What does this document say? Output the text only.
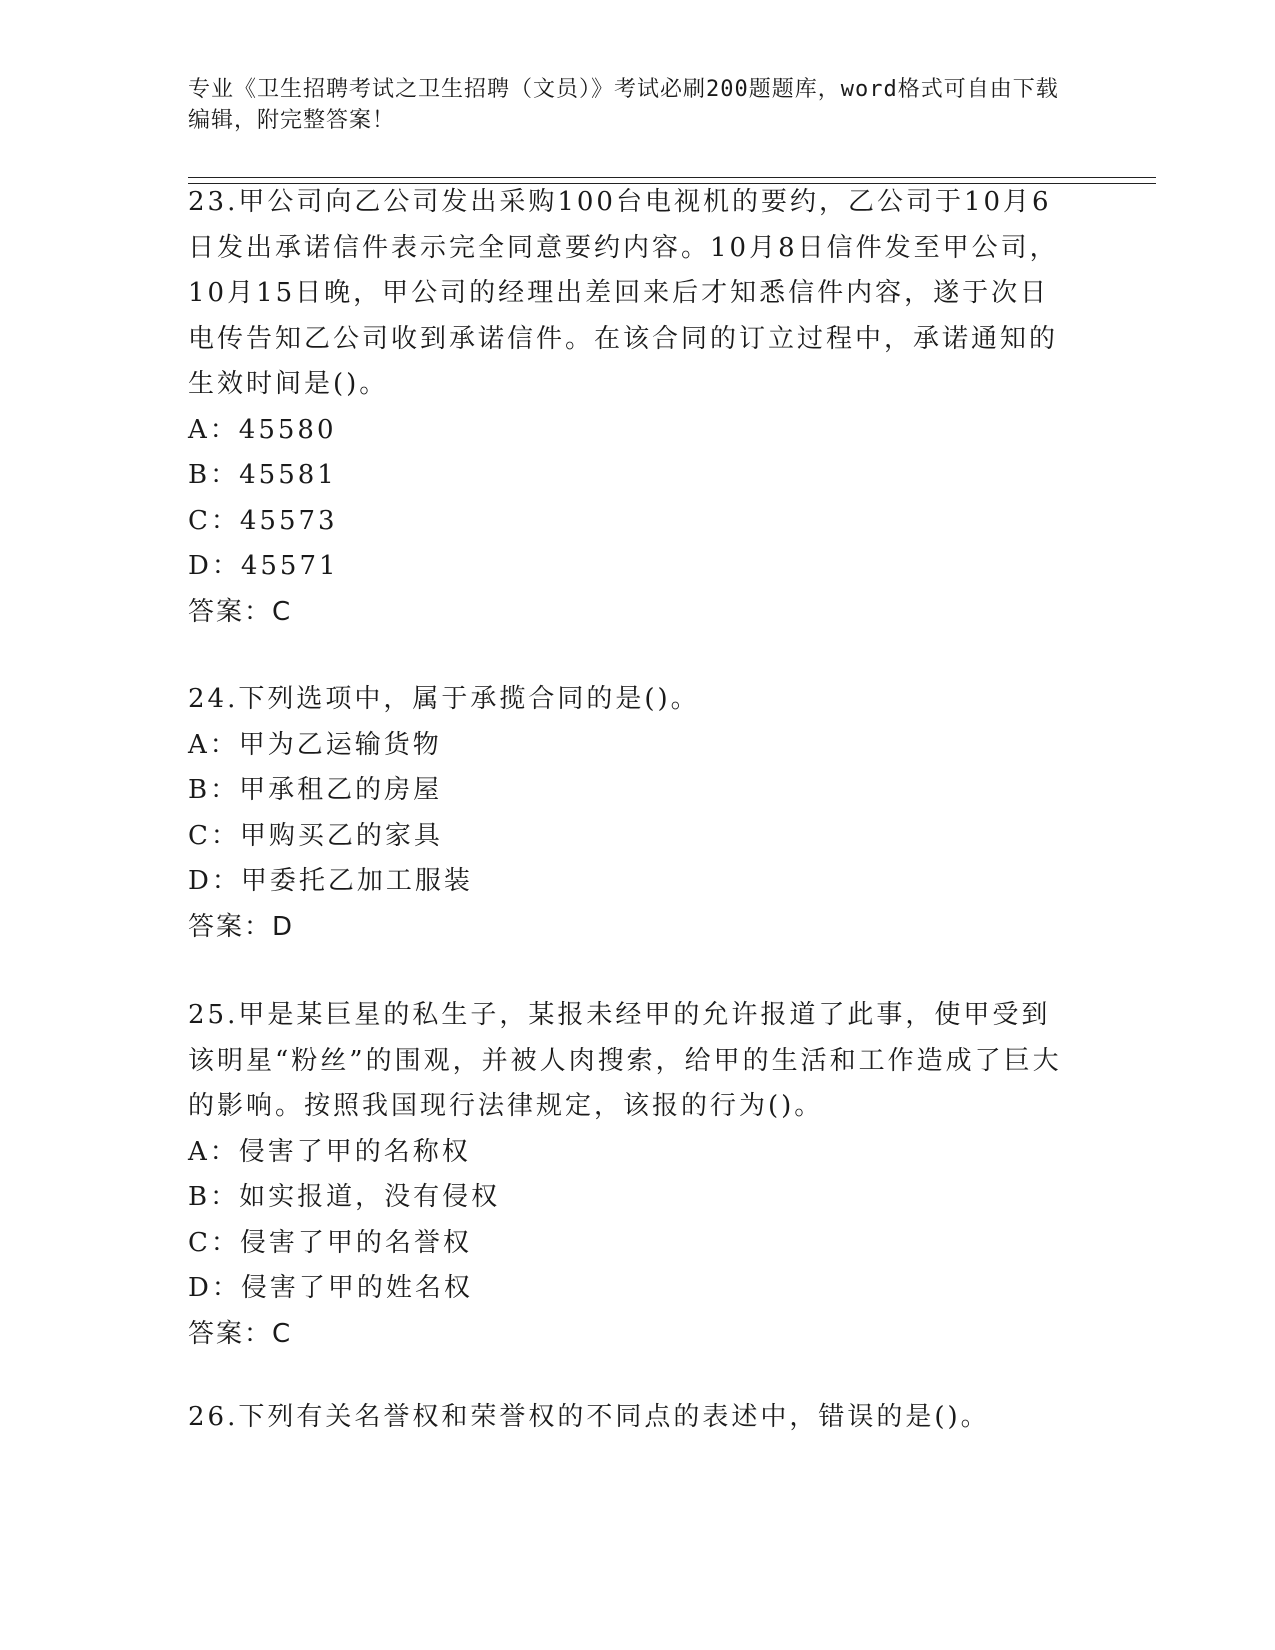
专业《卫生招聘考试之卫生招聘（文员）》考试必刷200题题库，word格式可自由下载编辑，附完整答案！

23.甲公司向乙公司发出采购100台电视机的要约，乙公司于10月6日发出承诺信件表示完全同意要约内容。10月8日信件发至甲公司，10月15日晚，甲公司的经理出差回来后才知悉信件内容，遂于次日电传告知乙公司收到承诺信件。在该合同的订立过程中，承诺通知的生效时间是()。

A：45580

B：45581

C：45573

D：45571

答案：C

24.下列选项中，属于承揽合同的是()。

A：甲为乙运输货物

B：甲承租乙的房屋

C：甲购买乙的家具

D：甲委托乙加工服装

答案：D

25.甲是某巨星的私生子，某报未经甲的允许报道了此事，使甲受到该明星“粉丝”的围观，并被人肉搜索，给甲的生活和工作造成了巨大的影响。按照我国现行法律规定，该报的行为()。

A：侵害了甲的名称权

B：如实报道，没有侵权

C：侵害了甲的名誉权

D：侵害了甲的姓名权

答案：C

26.下列有关名誉权和荣誉权的不同点的表述中，错误的是()。
